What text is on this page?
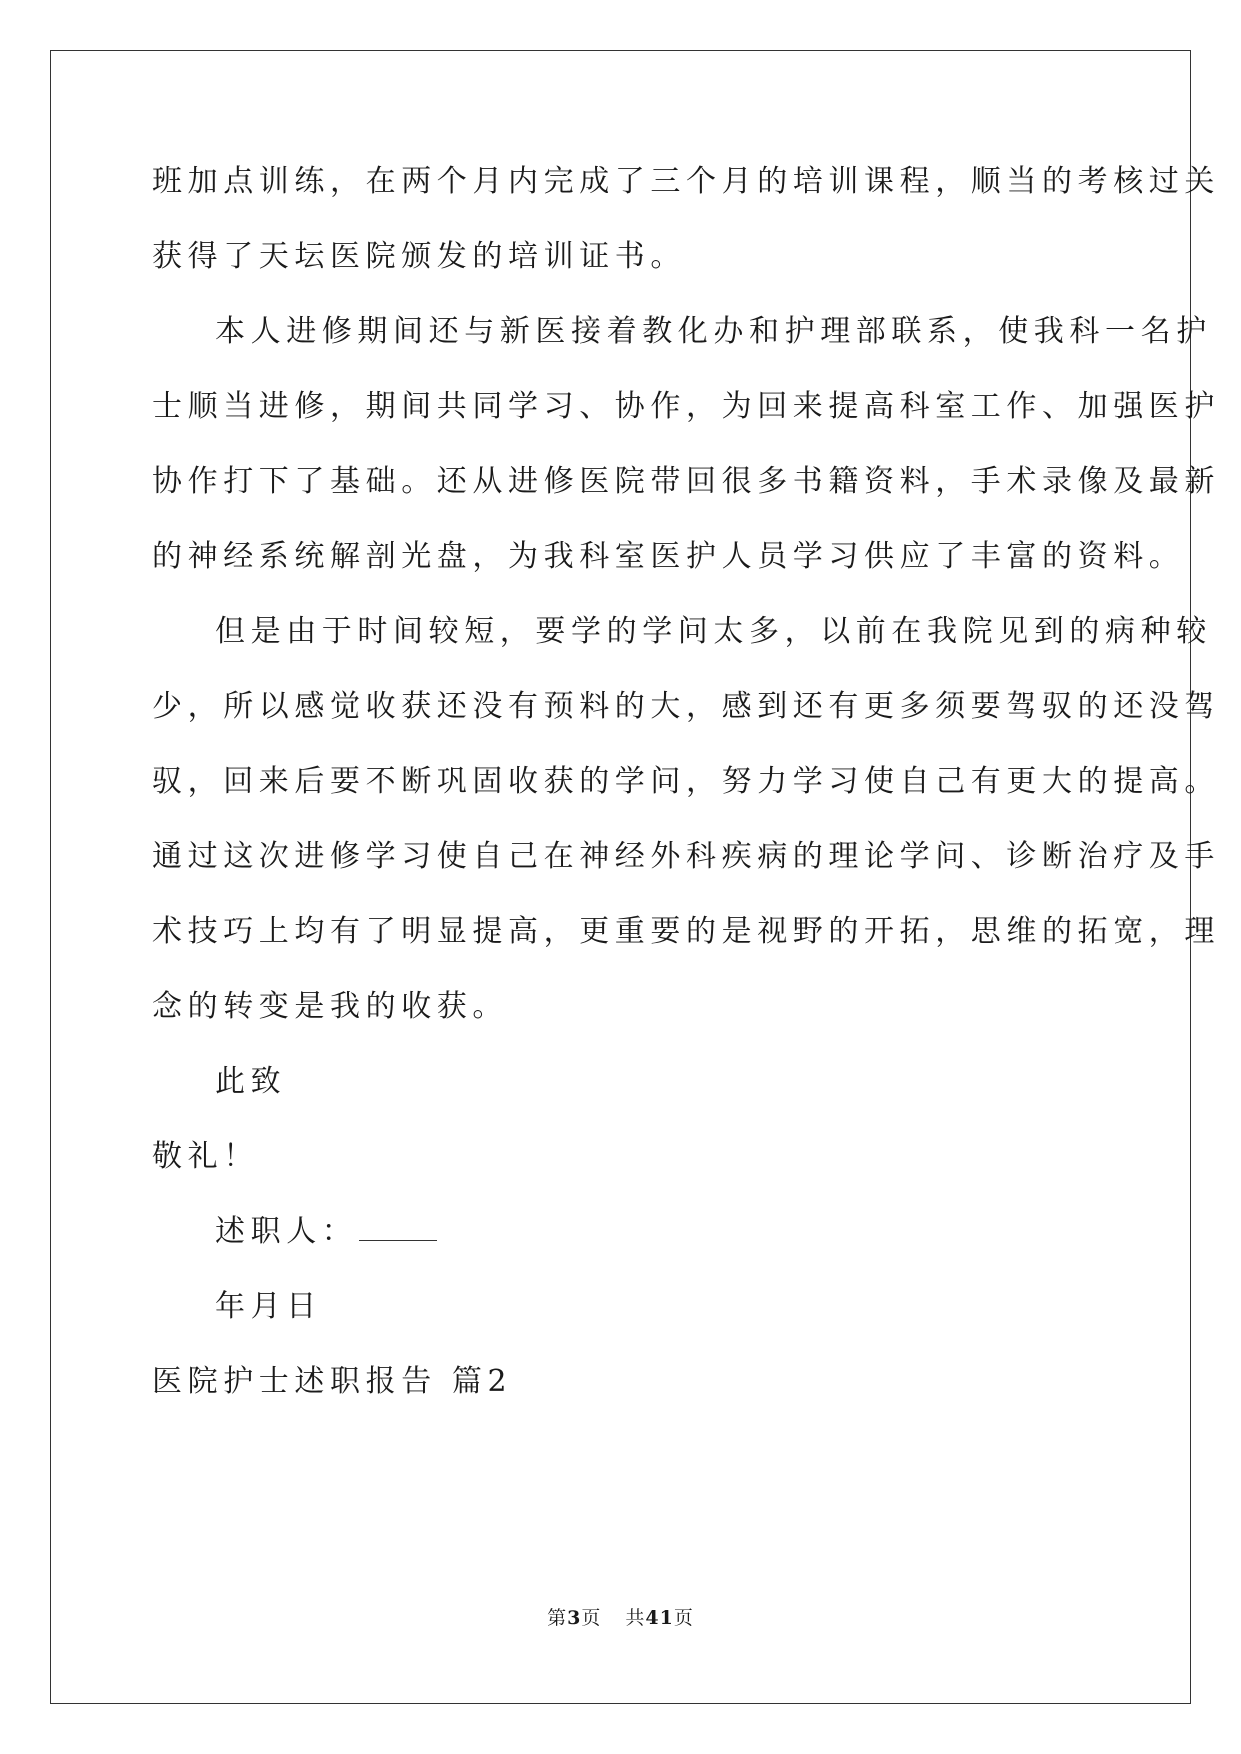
班加点训练，在两个月内完成了三个月的培训课程，顺当的考核过关
获得了天坛医院颁发的培训证书。
本人进修期间还与新医接着教化办和护理部联系，使我科一名护
士顺当进修，期间共同学习、协作，为回来提高科室工作、加强医护
协作打下了基础。还从进修医院带回很多书籍资料，手术录像及最新
的神经系统解剖光盘，为我科室医护人员学习供应了丰富的资料。
但是由于时间较短，要学的学问太多，以前在我院见到的病种较
少，所以感觉收获还没有预料的大，感到还有更多须要驾驭的还没驾
驭，回来后要不断巩固收获的学问，努力学习使自己有更大的提高。
通过这次进修学习使自己在神经外科疾病的理论学问、诊断治疗及手
术技巧上均有了明显提高，更重要的是视野的开拓，思维的拓宽，理
念的转变是我的收获。
此致
敬礼！
述职人：
年月日
医院护士述职报告 篇2
第3页 共41页
